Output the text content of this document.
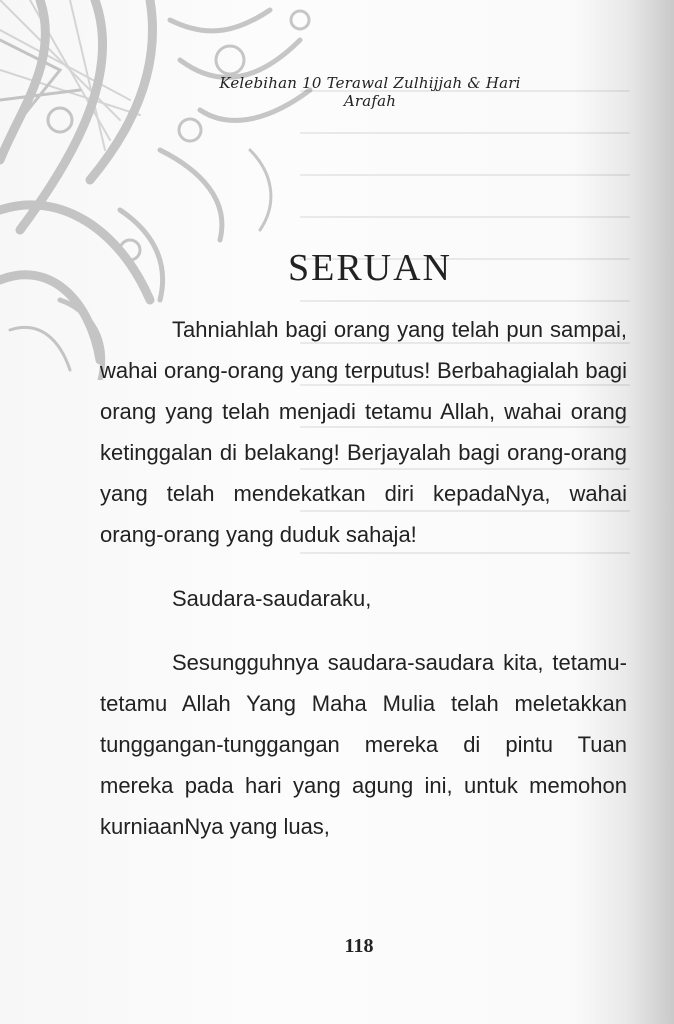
Kelebihan 10 Terawal Zulhijjah & Hari Arafah
SERUAN

Tahniahlah bagi orang yang telah pun sampai, wahai orang-orang yang terputus! Berbahagialah bagi orang yang telah menjadi tetamu Allah, wahai orang ketinggalan di belakang! Berjayalah bagi orang-orang yang telah mendekatkan diri kepadaNya, wahai orang-orang yang duduk sahaja!

Saudara-saudaraku,

Sesungguhnya saudara-saudara kita, tetamu-tetamu Allah Yang Maha Mulia telah meletakkan tunggangan-tunggangan mereka di pintu Tuan mereka pada hari yang agung ini, untuk memohon kurniaanNya yang luas,

118
